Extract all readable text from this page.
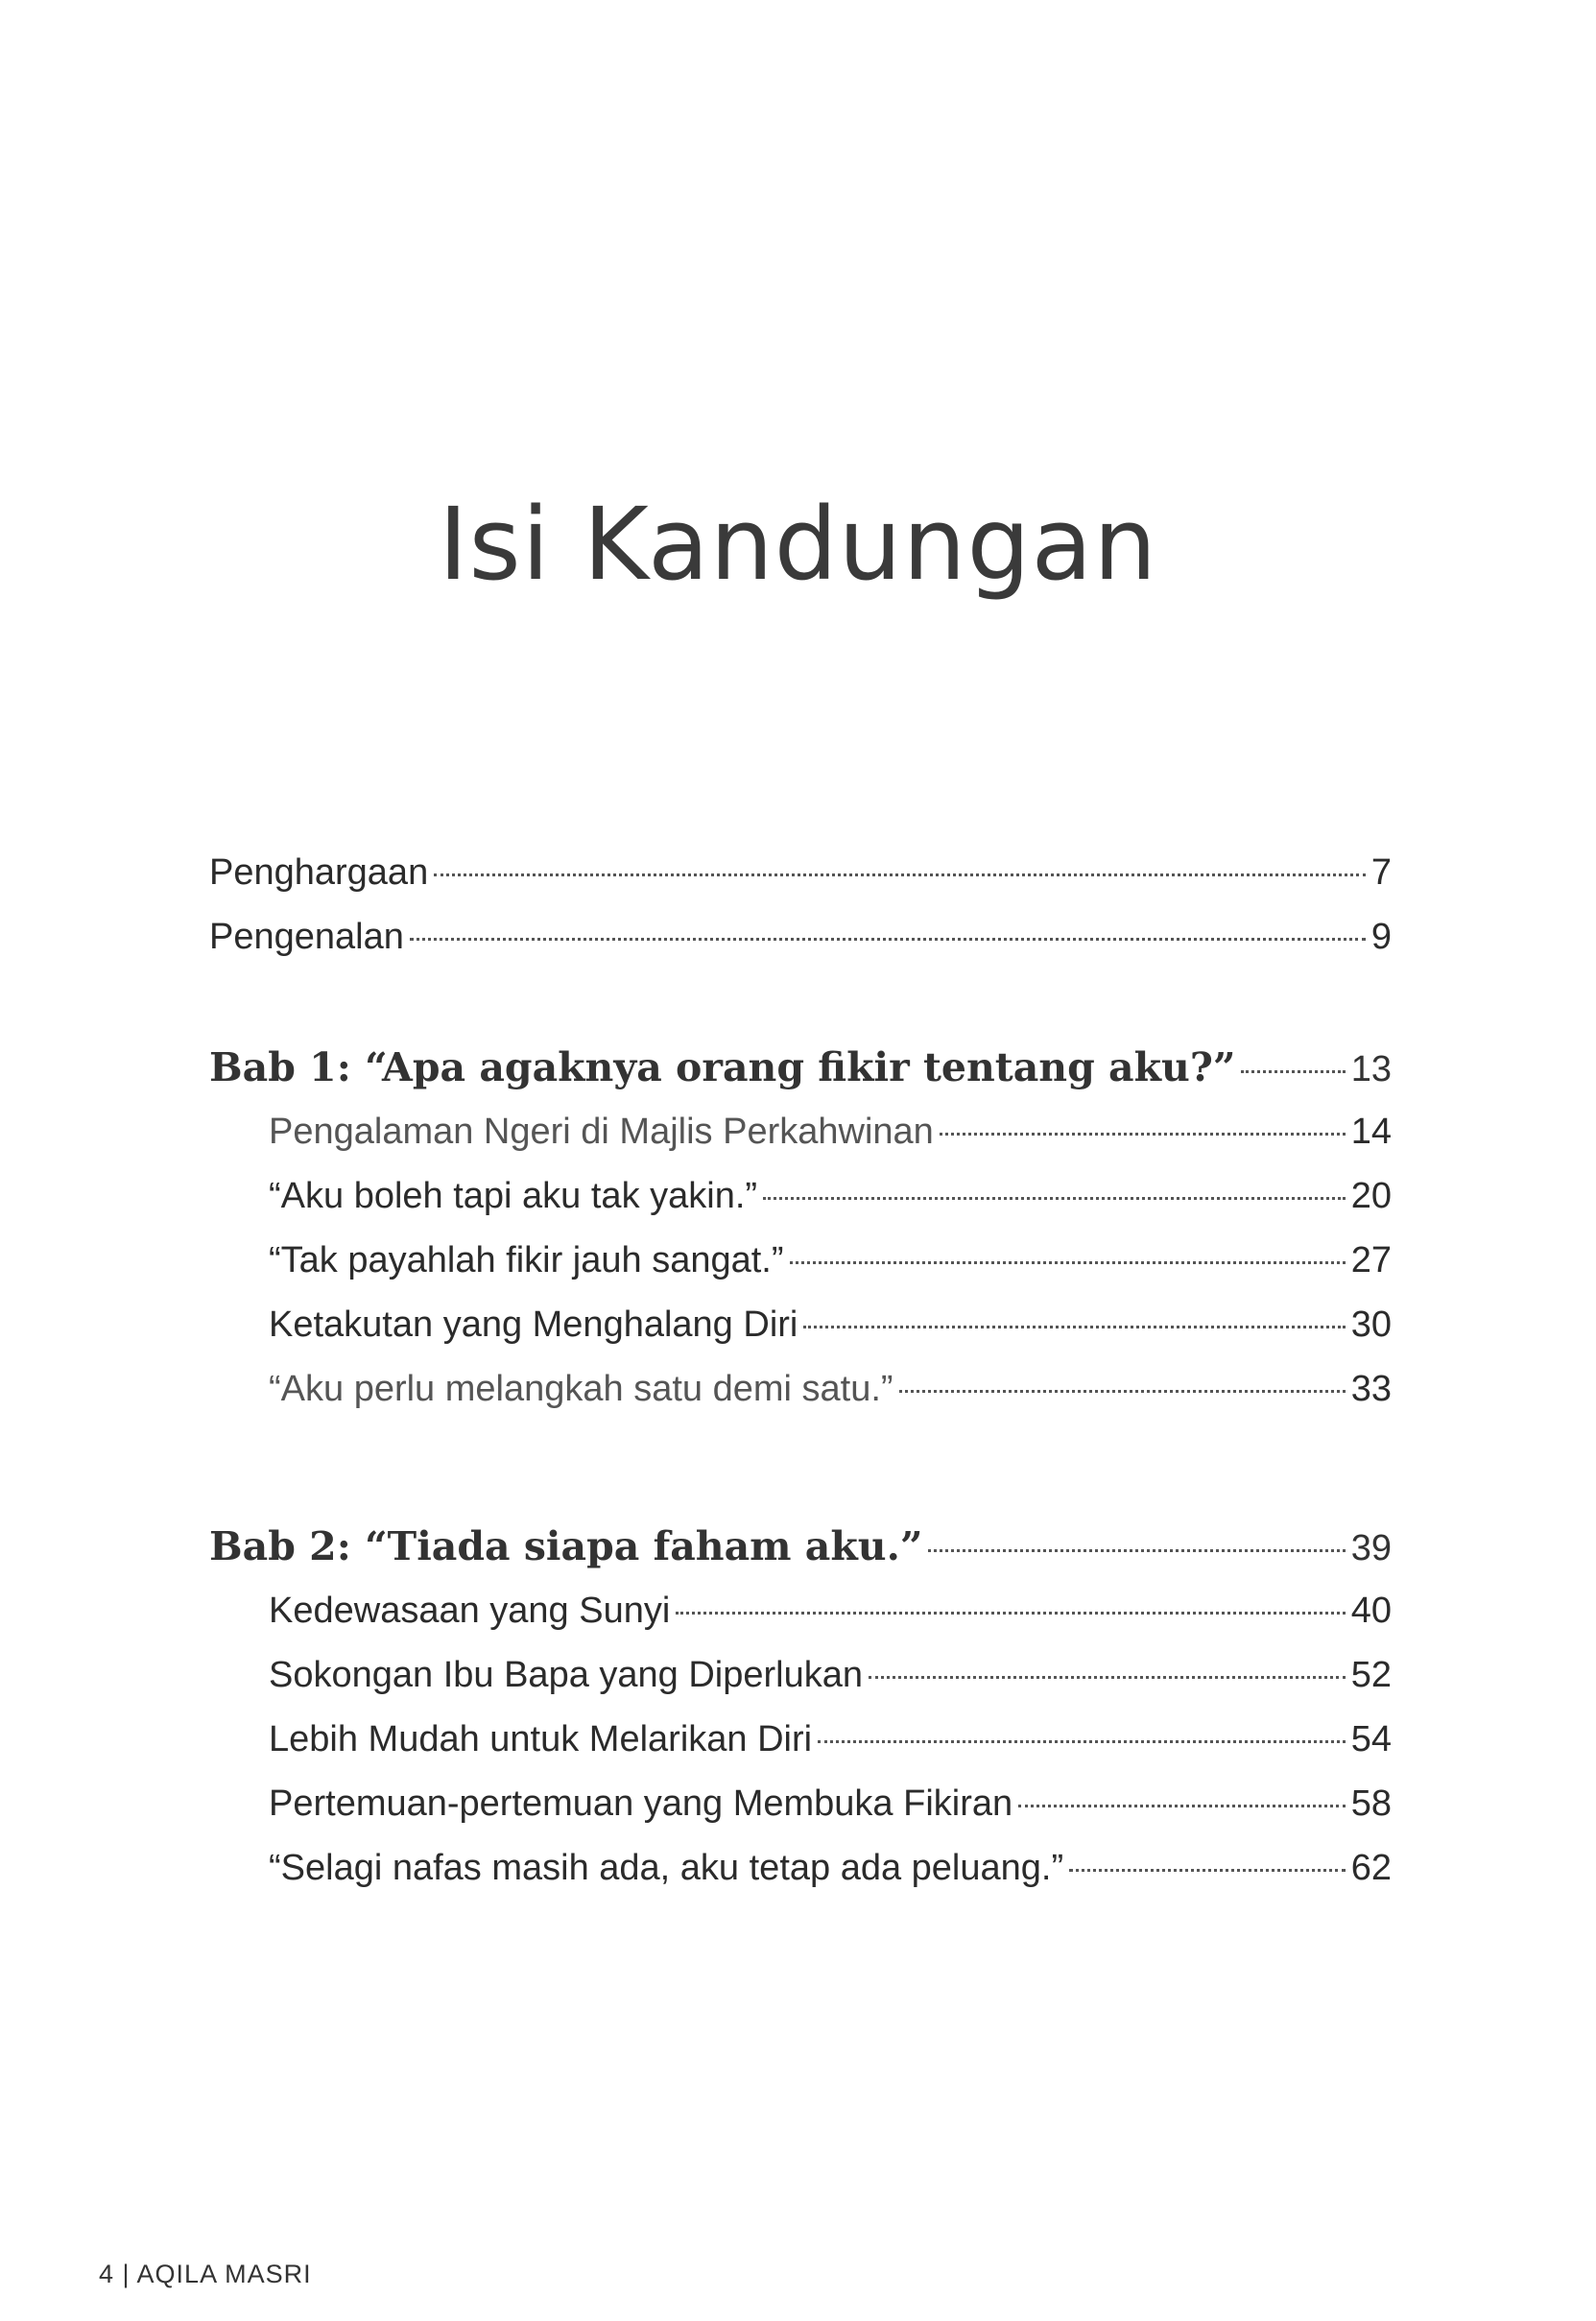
Isi Kandungan
Penghargaan	7
Pengenalan	9
Bab 1: “Apa agaknya orang fikir tentang aku?”	13
Pengalaman Ngeri di Majlis Perkahwinan	14
“Aku boleh tapi aku tak yakin.”	20
“Tak payahlah fikir jauh sangat.”	27
Ketakutan yang Menghalang Diri	30
“Aku perlu melangkah satu demi satu.”	33
Bab 2: “Tiada siapa faham aku.”	39
Kedewasaan yang Sunyi	40
Sokongan Ibu Bapa yang Diperlukan	52
Lebih Mudah untuk Melarikan Diri	54
Pertemuan-pertemuan yang Membuka Fikiran	58
“Selagi nafas masih ada, aku tetap ada peluang.”	62
4 | AQILA MASRI
